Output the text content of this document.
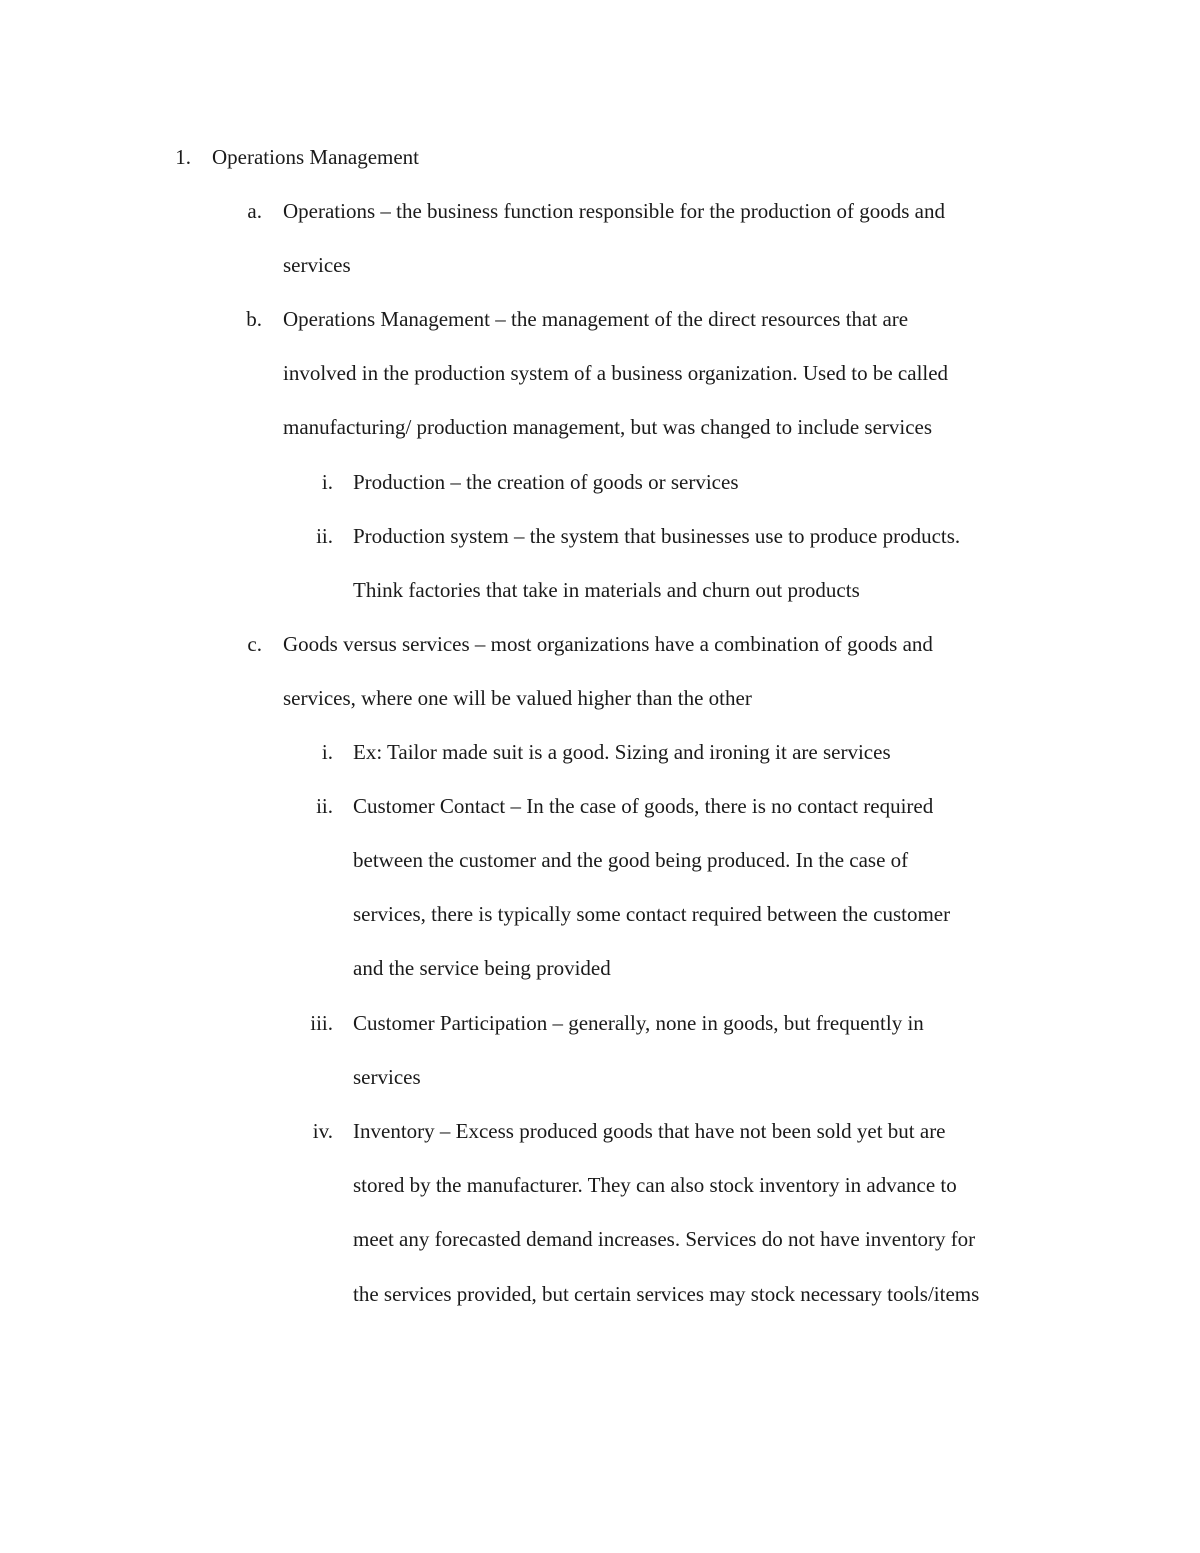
1. Operations Management
a. Operations – the business function responsible for the production of goods and
services
b. Operations Management – the management of the direct resources that are
involved in the production system of a business organization. Used to be called
manufacturing/ production management, but was changed to include services
i. Production – the creation of goods or services
ii. Production system – the system that businesses use to produce products.
Think factories that take in materials and churn out products
c. Goods versus services – most organizations have a combination of goods and
services, where one will be valued higher than the other
i. Ex: Tailor made suit is a good. Sizing and ironing it are services
ii. Customer Contact – In the case of goods, there is no contact required
between the customer and the good being produced. In the case of
services, there is typically some contact required between the customer
and the service being provided
iii. Customer Participation – generally, none in goods, but frequently in
services
iv. Inventory – Excess produced goods that have not been sold yet but are
stored by the manufacturer. They can also stock inventory in advance to
meet any forecasted demand increases. Services do not have inventory for
the services provided, but certain services may stock necessary tools/items
